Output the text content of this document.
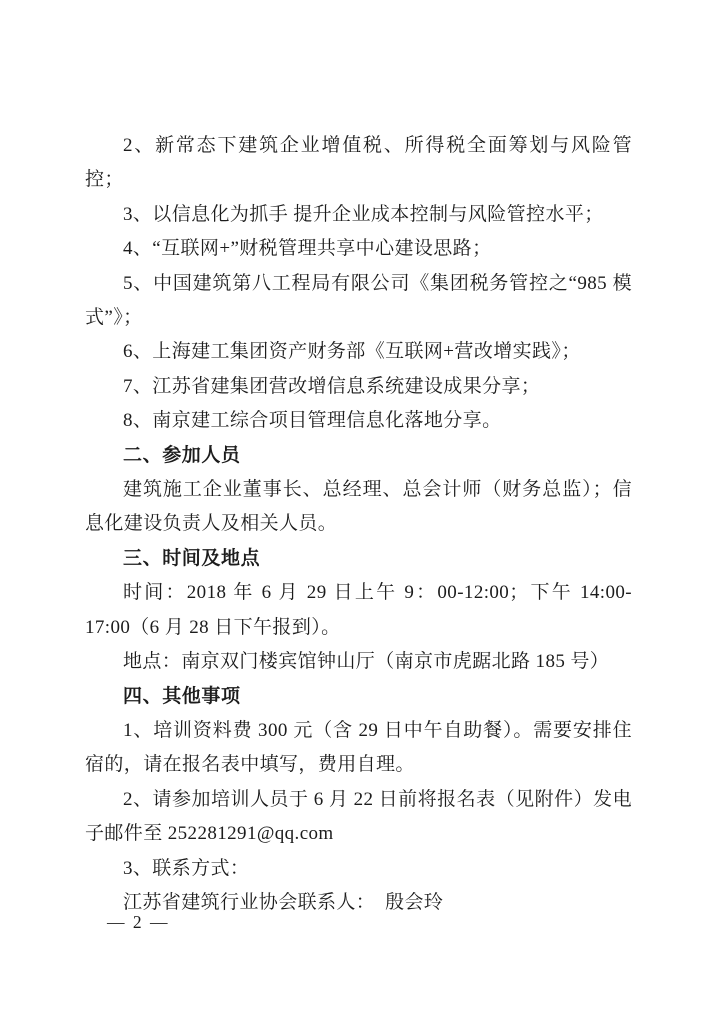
2、新常态下建筑企业增值税、所得税全面筹划与风险管控；

3、以信息化为抓手 提升企业成本控制与风险管控水平；

4、“互联网+”财税管理共享中心建设思路；

5、中国建筑第八工程局有限公司《集团税务管控之“985 模式”》；

6、上海建工集团资产财务部《互联网+营改增实践》；

7、江苏省建集团营改增信息系统建设成果分享；

8、南京建工综合项目管理信息化落地分享。

二、参加人员

建筑施工企业董事长、总经理、总会计师（财务总监）；信息化建设负责人及相关人员。

三、时间及地点

时间：2018 年 6 月 29 日上午 9：00-12:00；下午 14:00-17:00（6 月 28 日下午报到）。

地点：南京双门楼宾馆钟山厅（南京市虎踞北路 185 号）

四、其他事项

1、培训资料费 300 元（含 29 日中午自助餐）。需要安排住宿的，请在报名表中填写，费用自理。

2、请参加培训人员于 6 月 22 日前将报名表（见附件）发电子邮件至 252281291@qq.com

3、联系方式：

江苏省建筑行业协会联系人：　殷会玲

— 2 —
